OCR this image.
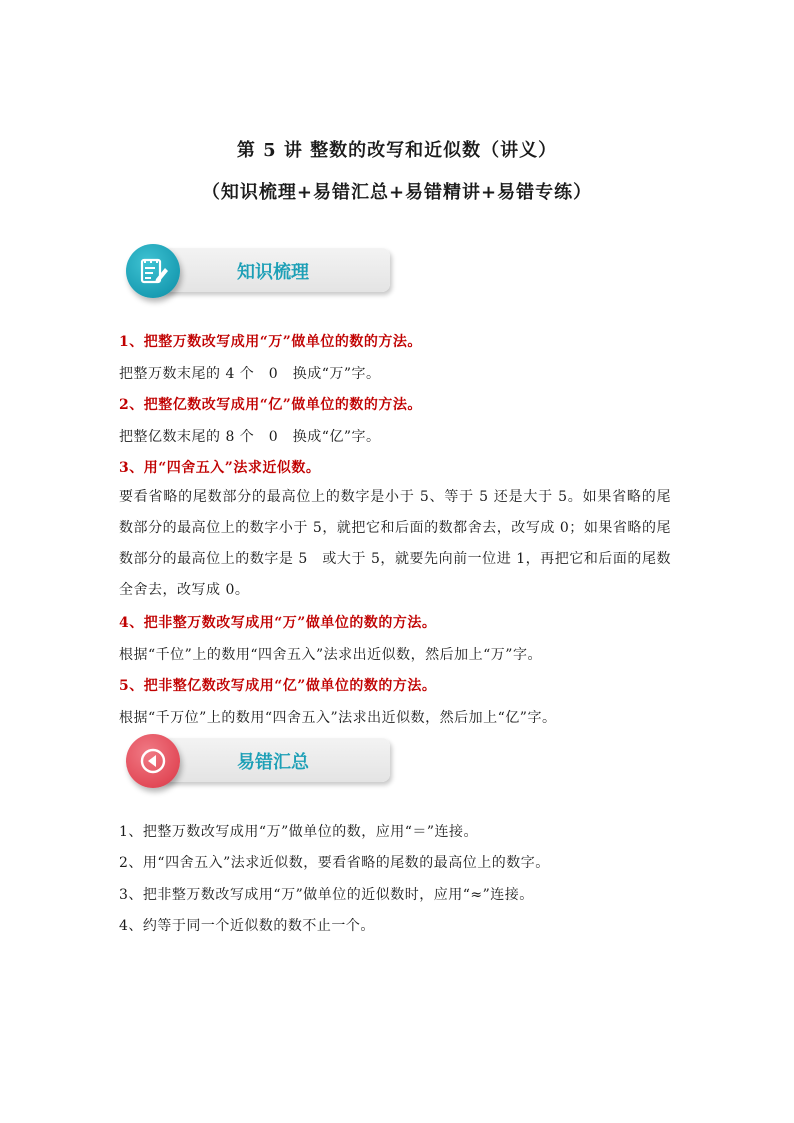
第 5 讲 整数的改写和近似数（讲义）
（知识梳理+易错汇总+易错精讲+易错专练）
知识梳理
1、把整万数改写成用“万”做单位的数的方法。
把整万数末尾的 4 个　0　换成“万”字。
2、把整亿数改写成用“亿”做单位的数的方法。
把整亿数末尾的 8 个　0　换成“亿”字。
3、用“四舍五入”法求近似数。
要看省略的尾数部分的最高位上的数字是小于 5、等于 5 还是大于 5。如果省略的尾数部分的最高位上的数字小于 5，就把它和后面的数都舍去，改写成 0；如果省略的尾数部分的最高位上的数字是 5　或大于 5，就要先向前一位进 1，再把它和后面的尾数全舍去，改写成 0。
4、把非整万数改写成用“万”做单位的数的方法。
根据“千位”上的数用“四舍五入”法求出近似数，然后加上“万”字。
5、把非整亿数改写成用“亿”做单位的数的方法。
根据“千万位”上的数用“四舍五入”法求出近似数，然后加上“亿”字。
易错汇总
1、把整万数改写成用“万”做单位的数，应用“＝”连接。
2、用“四舍五入”法求近似数，要看省略的尾数的最高位上的数字。
3、把非整万数改写成用“万”做单位的近似数时，应用“≈”连接。
4、约等于同一个近似数的数不止一个。
